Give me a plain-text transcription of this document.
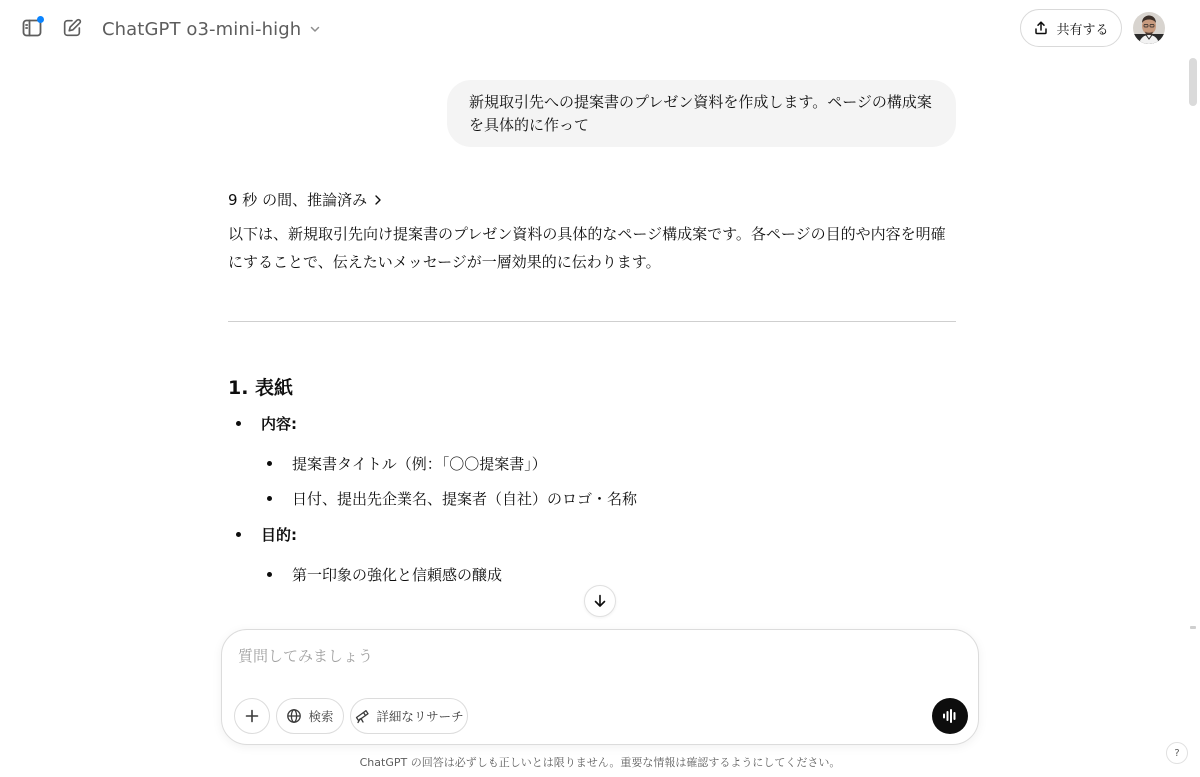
ChatGPT o3-mini-high	共有する
新規取引先への提案書のプレゼン資料を作成します。ページの構成案を具体的に作って
9 秒 の間、推論済み
以下は、新規取引先向け提案書のプレゼン資料の具体的なページ構成案です。各ページの目的や内容を明確にすることで、伝えたいメッセージが一層効果的に伝わります。
1. 表紙
内容:
提案書タイトル（例：「〇〇提案書」）
日付、提出先企業名、提案者（自社）のロゴ・名称
目的:
第一印象の強化と信頼感の醸成
質問してみましょう
検索	詳細なリサーチ
ChatGPT の回答は必ずしも正しいとは限りません。重要な情報は確認するようにしてください。
?
